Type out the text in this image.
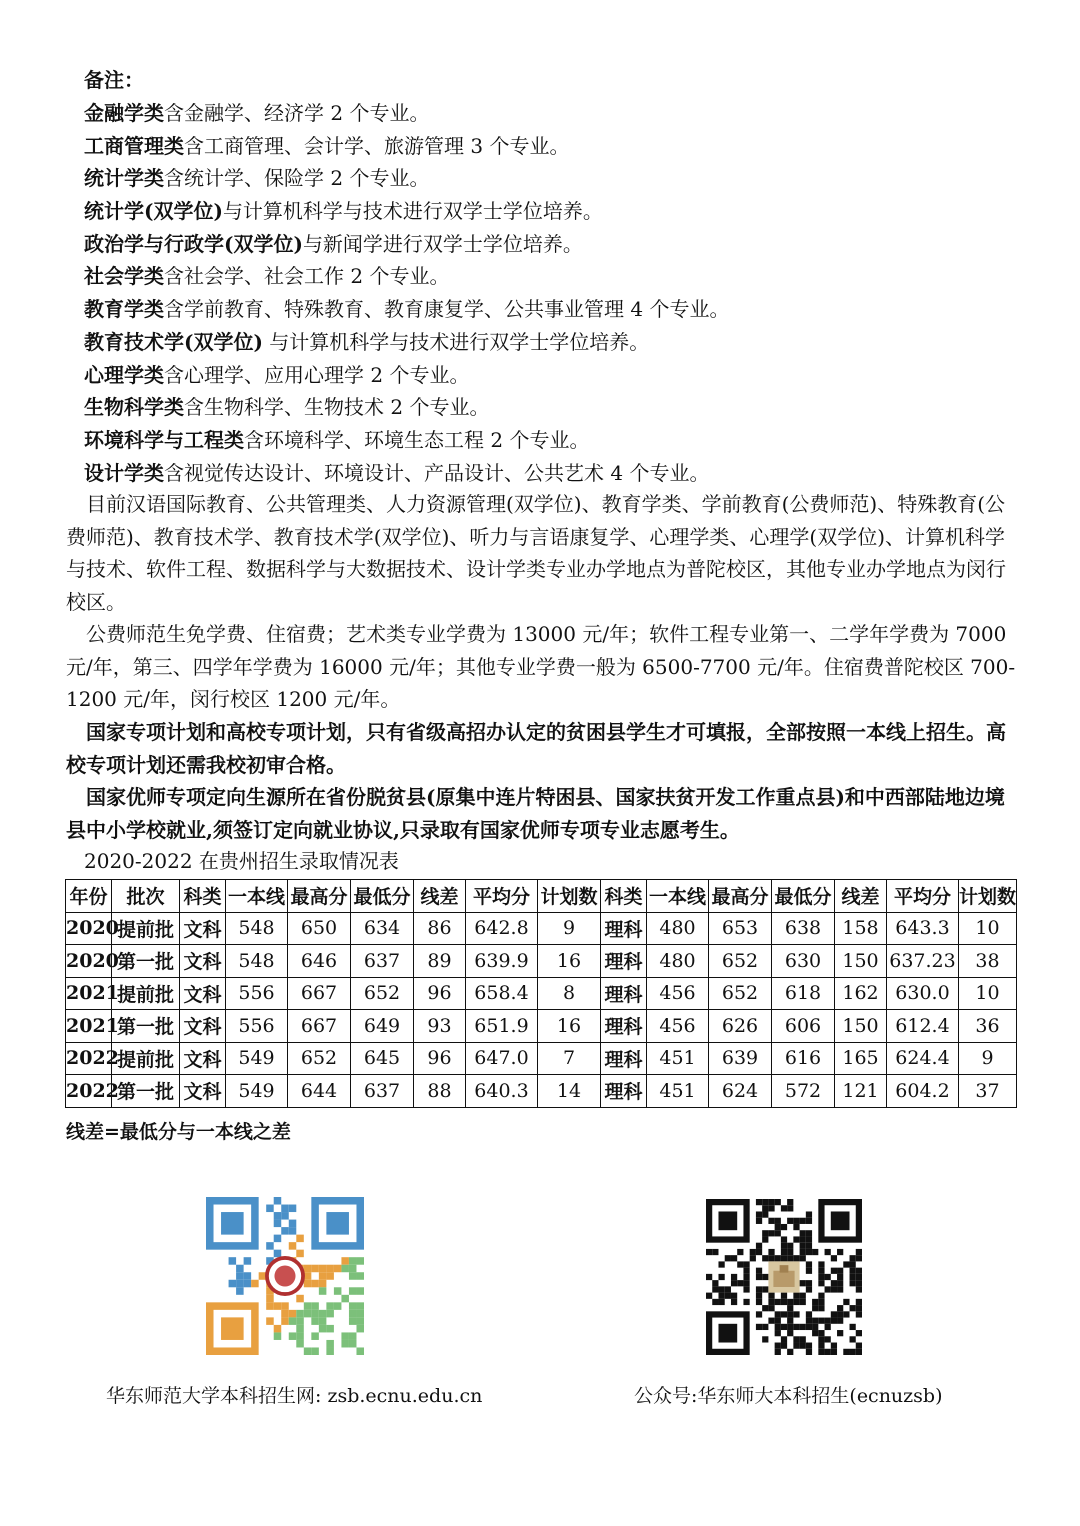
备注：
金融学类含金融学、经济学 2 个专业。
工商管理类含工商管理、会计学、旅游管理 3 个专业。
统计学类含统计学、保险学 2 个专业。
统计学(双学位)与计算机科学与技术进行双学士学位培养。
政治学与行政学(双学位)与新闻学进行双学士学位培养。
社会学类含社会学、社会工作 2 个专业。
教育学类含学前教育、特殊教育、教育康复学、公共事业管理 4 个专业。
教育技术学(双学位) 与计算机科学与技术进行双学士学位培养。
心理学类含心理学、应用心理学 2 个专业。
生物科学类含生物科学、生物技术 2 个专业。
环境科学与工程类含环境科学、环境生态工程 2 个专业。
设计学类含视觉传达设计、环境设计、产品设计、公共艺术 4 个专业。
目前汉语国际教育、公共管理类、人力资源管理(双学位)、教育学类、学前教育(公费师范)、特殊教育(公费师范)、教育技术学、教育技术学(双学位)、听力与言语康复学、心理学类、心理学(双学位)、计算机科学与技术、软件工程、数据科学与大数据技术、设计学类专业办学地点为普陀校区，其他专业办学地点为闵行校区。
公费师范生免学费、住宿费；艺术类专业学费为 13000 元/年；软件工程专业第一、二学年学费为 7000 元/年，第三、四学年学费为 16000 元/年；其他专业学费一般为 6500-7700 元/年。住宿费普陀校区 700-1200 元/年，闵行校区 1200 元/年。
国家专项计划和高校专项计划，只有省级高招办认定的贫困县学生才可填报，全部按照一本线上招生。高校专项计划还需我校初审合格。
国家优师专项定向生源所在省份脱贫县(原集中连片特困县、国家扶贫开发工作重点县)和中西部陆地边境县中小学校就业,须签订定向就业协议,只录取有国家优师专项专业志愿考生。
2020-2022 在贵州招生录取情况表
年份	批次	科类	一本线	最高分	最低分	线差	平均分	计划数	科类	一本线	最高分	最低分	线差	平均分	计划数
2020	提前批	文科	548	650	634	86	642.8	9	理科	480	653	638	158	643.3	10
2020	第一批	文科	548	646	637	89	639.9	16	理科	480	652	630	150	637.23	38
2021	提前批	文科	556	667	652	96	658.4	8	理科	456	652	618	162	630.0	10
2021	第一批	文科	556	667	649	93	651.9	16	理科	456	626	606	150	612.4	36
2022	提前批	文科	549	652	645	96	647.0	7	理科	451	639	616	165	624.4	9
2022	第一批	文科	549	644	637	88	640.3	14	理科	451	624	572	121	604.2	37
线差=最低分与一本线之差
华东师范大学本科招生网: zsb.ecnu.edu.cn	公众号:华东师大本科招生(ecnuzsb)
